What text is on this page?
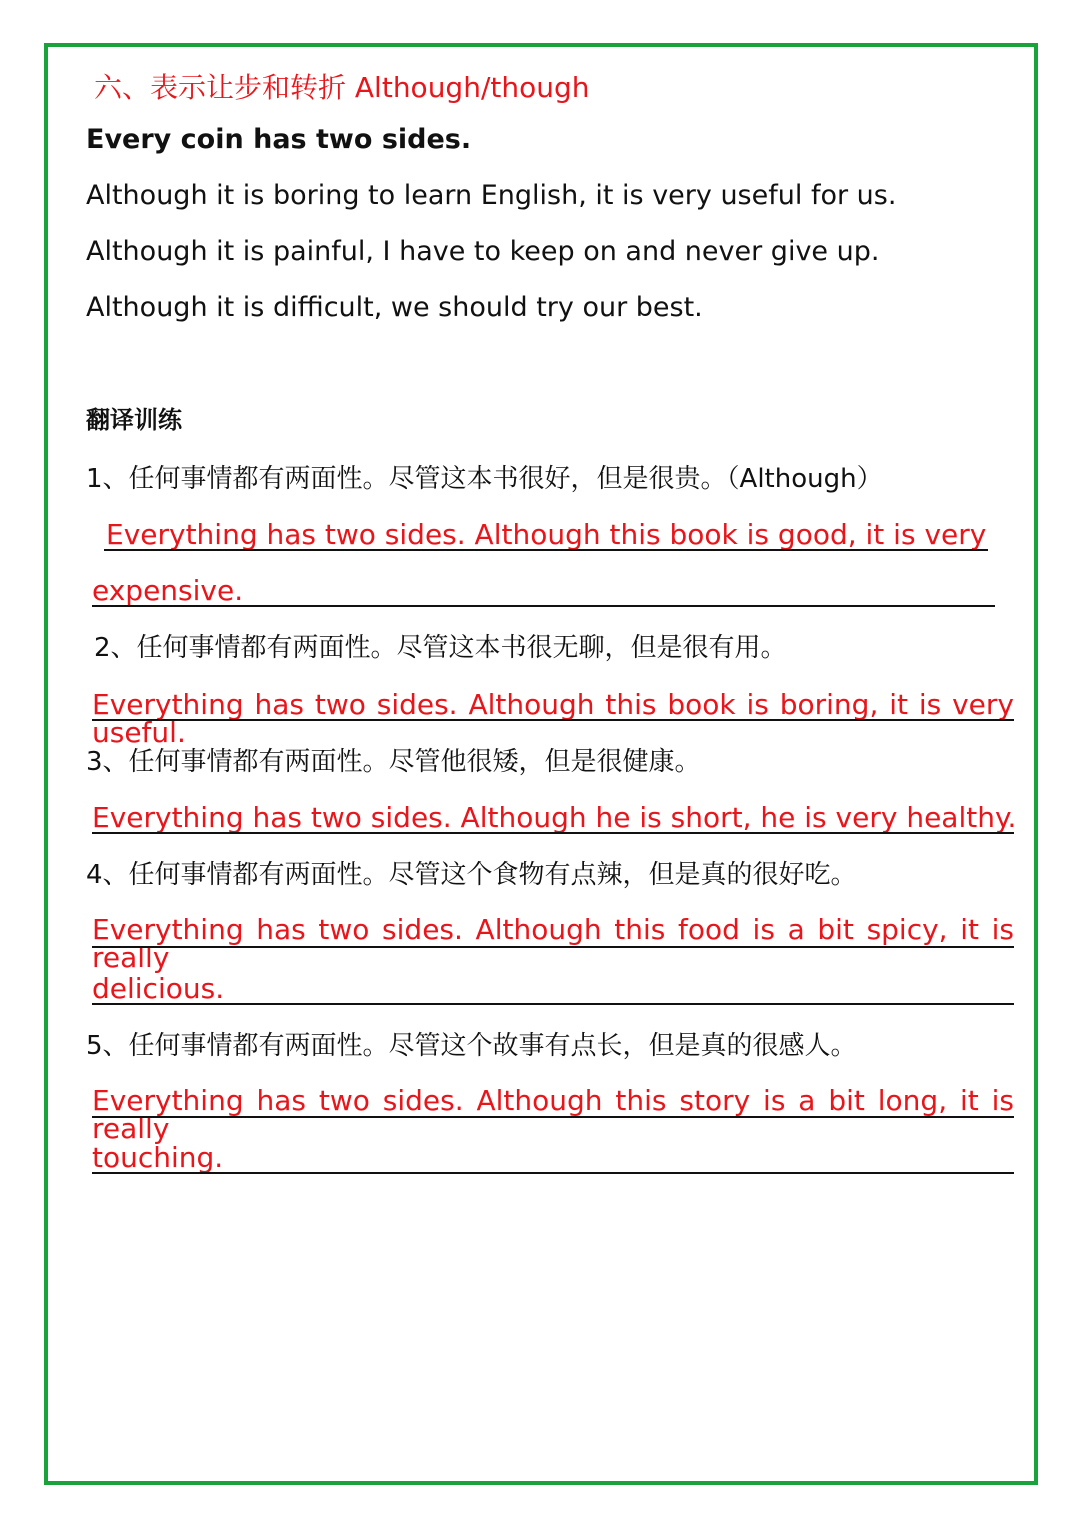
六、表示让步和转折 Although/though
Every coin has two sides.
Although it is boring to learn English, it is very useful for us.
Although it is painful, I have to keep on and never give up.
Although it is difficult, we should try our best.
翻译训练
1、任何事情都有两面性。尽管这本书很好，但是很贵。（Although）
Everything has two sides. Although this book is good, it is very
expensive.
2、任何事情都有两面性。尽管这本书很无聊，但是很有用。
Everything has two sides. Although this book is boring, it is very useful.
3、任何事情都有两面性。尽管他很矮，但是很健康。
Everything has two sides. Although he is short, he is very healthy.
4、任何事情都有两面性。尽管这个食物有点辣，但是真的很好吃。
Everything has two sides. Although this food is a bit spicy, it is really
delicious.
5、任何事情都有两面性。尽管这个故事有点长，但是真的很感人。
Everything has two sides. Although this story is a bit long, it is really
touching.
